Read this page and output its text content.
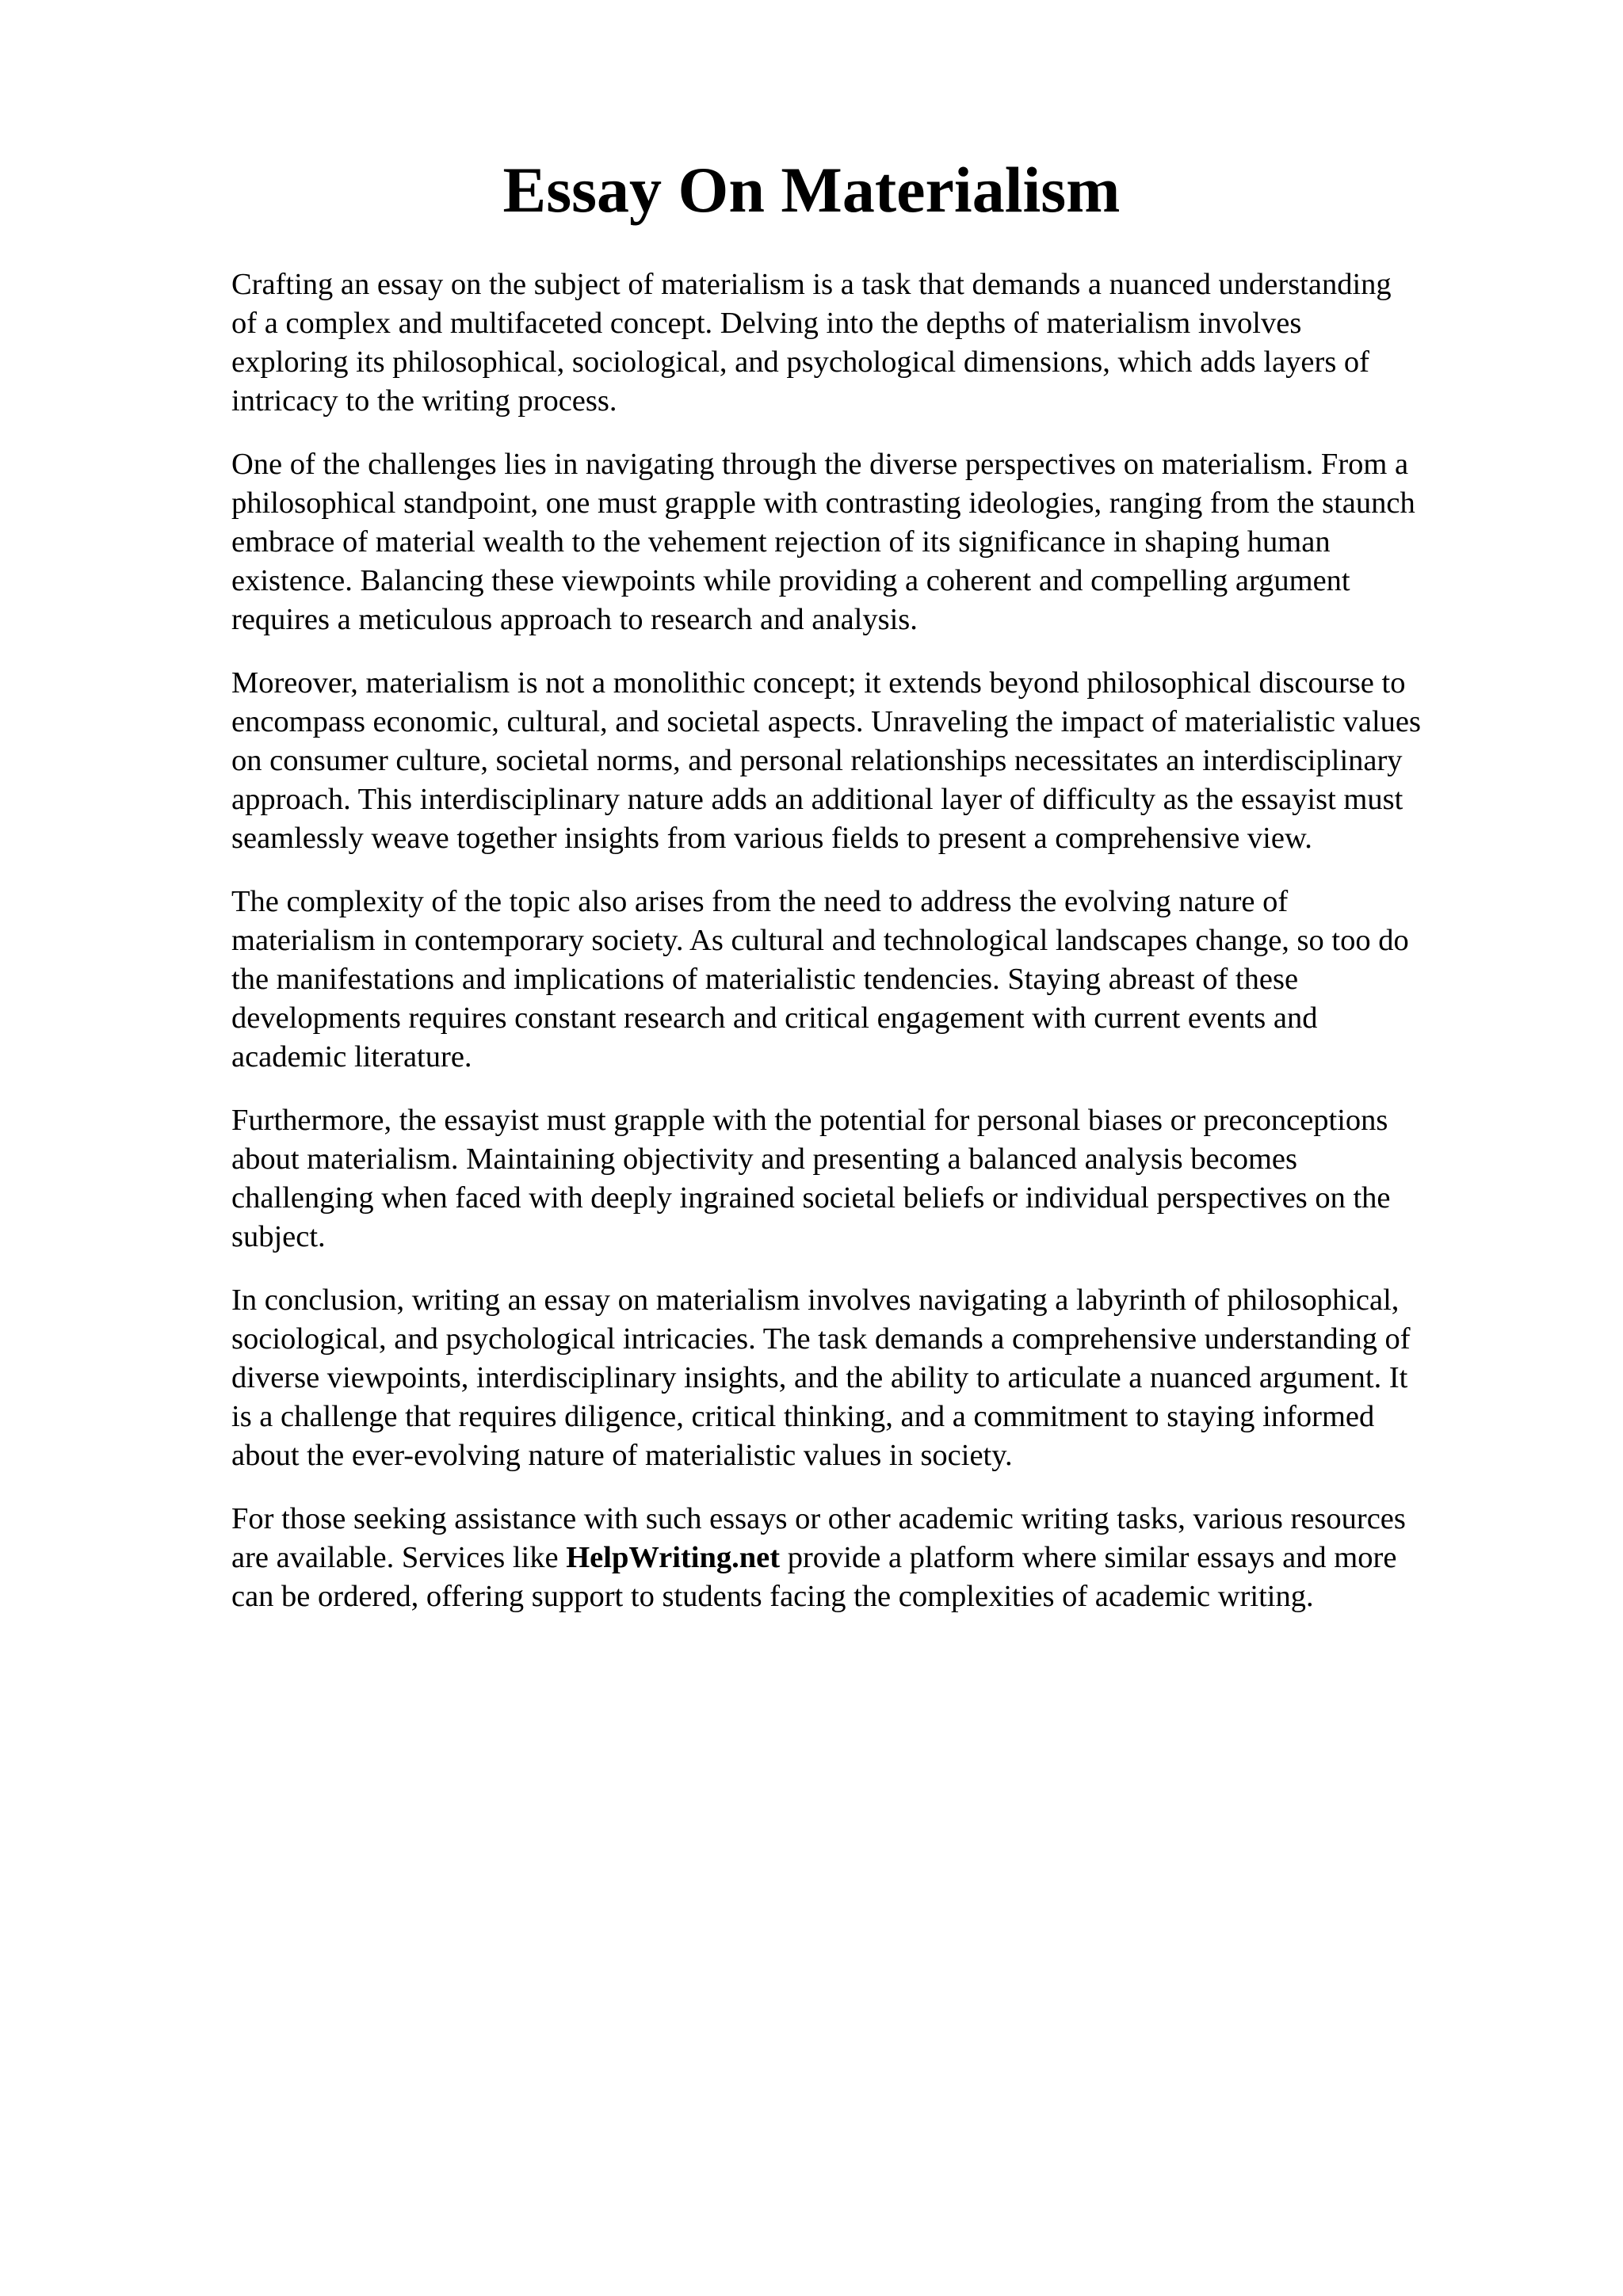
Essay On Materialism

Crafting an essay on the subject of materialism is a task that demands a nuanced understanding
of a complex and multifaceted concept. Delving into the depths of materialism involves
exploring its philosophical, sociological, and psychological dimensions, which adds layers of
intricacy to the writing process.

One of the challenges lies in navigating through the diverse perspectives on materialism. From a
philosophical standpoint, one must grapple with contrasting ideologies, ranging from the staunch
embrace of material wealth to the vehement rejection of its significance in shaping human
existence. Balancing these viewpoints while providing a coherent and compelling argument
requires a meticulous approach to research and analysis.

Moreover, materialism is not a monolithic concept; it extends beyond philosophical discourse to
encompass economic, cultural, and societal aspects. Unraveling the impact of materialistic values
on consumer culture, societal norms, and personal relationships necessitates an interdisciplinary
approach. This interdisciplinary nature adds an additional layer of difficulty as the essayist must
seamlessly weave together insights from various fields to present a comprehensive view.

The complexity of the topic also arises from the need to address the evolving nature of
materialism in contemporary society. As cultural and technological landscapes change, so too do
the manifestations and implications of materialistic tendencies. Staying abreast of these
developments requires constant research and critical engagement with current events and
academic literature.

Furthermore, the essayist must grapple with the potential for personal biases or preconceptions
about materialism. Maintaining objectivity and presenting a balanced analysis becomes
challenging when faced with deeply ingrained societal beliefs or individual perspectives on the
subject.

In conclusion, writing an essay on materialism involves navigating a labyrinth of philosophical,
sociological, and psychological intricacies. The task demands a comprehensive understanding of
diverse viewpoints, interdisciplinary insights, and the ability to articulate a nuanced argument. It
is a challenge that requires diligence, critical thinking, and a commitment to staying informed
about the ever-evolving nature of materialistic values in society.

For those seeking assistance with such essays or other academic writing tasks, various resources
are available. Services like HelpWriting.net provide a platform where similar essays and more
can be ordered, offering support to students facing the complexities of academic writing.
